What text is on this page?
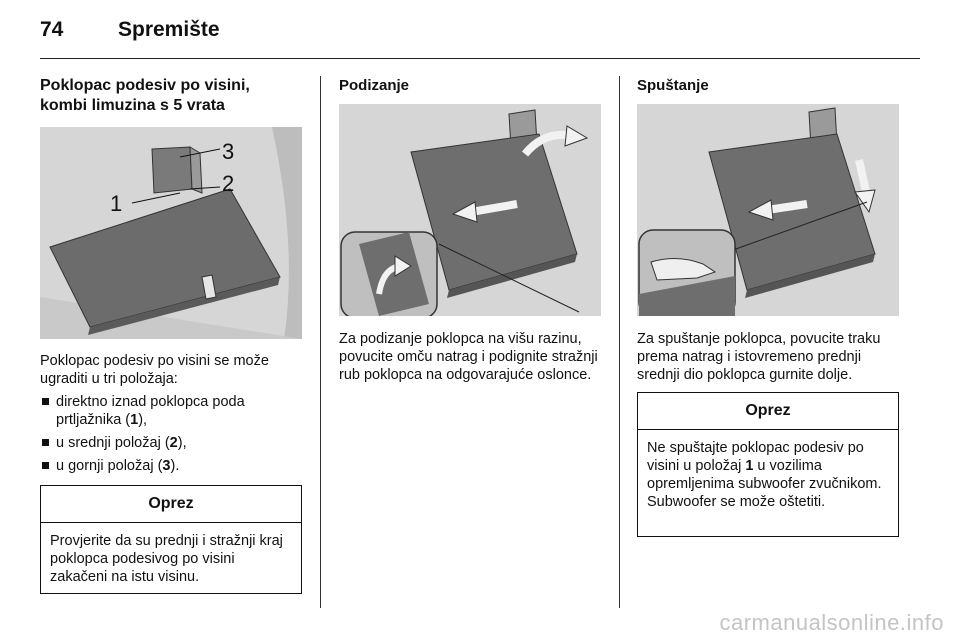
74	Spremište
Poklopac podesiv po visini,
kombi limuzina s 5 vrata
1
2
3

Poklopac podesiv po visini se može ugraditi u tri položaja:

direktno iznad poklopca poda prtljažnika (1),
u srednji položaj (2),
u gornji položaj (3).
Oprez
Provjerite da su prednji i stražnji kraj poklopca podesivog po visini zakačeni na istu visinu.
Podizanje

Za podizanje poklopca na višu razinu, povucite omču natrag i podignite stražnji rub poklopca na odgovarajuće oslonce.

Spuštanje

Za spuštanje poklopca, povucite traku prema natrag i istovremeno prednji srednji dio poklopca gurnite dolje.

Oprez
Ne spuštajte poklopac podesiv po visini u položaj 1 u vozilima opremljenima subwoofer zvučnikom. Subwoofer se može oštetiti.
carmanualsonline.info
